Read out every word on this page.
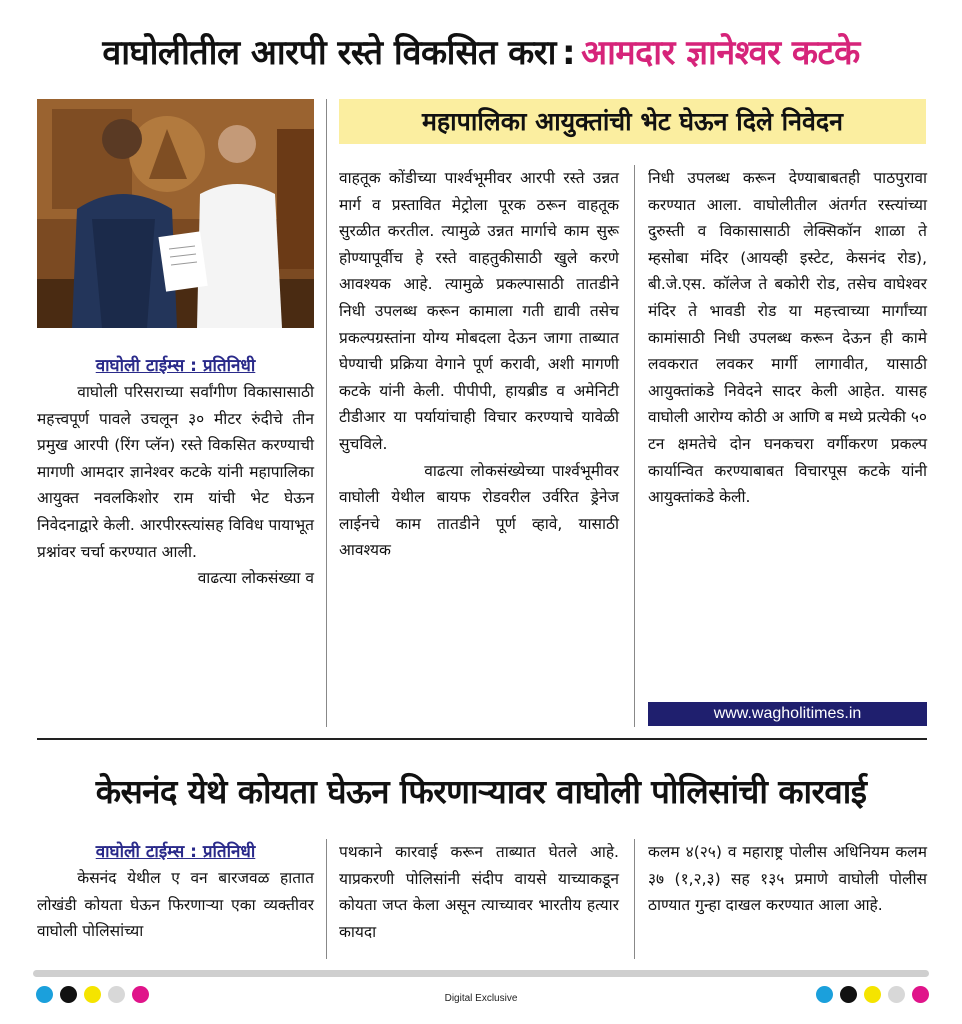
वाघोलीतील आरपी रस्ते विकसित करा : आमदार ज्ञानेश्वर कटके
महापालिका आयुक्तांची भेट घेऊन दिले निवेदन
वाघोली टाईम्स : प्रतिनिधी

वाघोली परिसराच्या सर्वांगीण विकासासाठी महत्त्वपूर्ण पावले उचलून ३० मीटर रुंदीचे तीन प्रमुख आरपी (रिंग प्लॅन) रस्ते विकसित करण्याची मागणी आमदार ज्ञानेश्वर कटके यांनी महापालिका आयुक्त नवलकिशोर राम यांची भेट घेऊन निवेदनाद्वारे केली. आरपीरस्त्यांसह विविध पायाभूत प्रश्नांवर चर्चा करण्यात आली.

वाढत्या लोकसंख्या व

वाहतूक कोंडीच्या पार्श्वभूमीवर आरपी रस्ते उन्नत मार्ग व प्रस्तावित मेट्रोला पूरक ठरून वाहतूक सुरळीत करतील. त्यामुळे उन्नत मार्गाचे काम सुरू होण्यापूर्वीच हे रस्ते वाहतुकीसाठी खुले करणे आवश्यक आहे. त्यामुळे प्रकल्पासाठी तातडीने निधी उपलब्ध करून कामाला गती द्यावी तसेच प्रकल्पग्रस्तांना योग्य मोबदला देऊन जागा ताब्यात घेण्याची प्रक्रिया वेगाने पूर्ण करावी, अशी मागणी कटके यांनी केली. पीपीपी, हायब्रीड व अमेनिटी टीडीआर या पर्यायांचाही विचार करण्याचे यावेळी सुचविले.

वाढत्या लोकसंख्येच्या पार्श्वभूमीवर वाघोली येथील बायफ रोडवरील उर्वरित ड्रेनेज लाईनचे काम तातडीने पूर्ण व्हावे, यासाठी आवश्यक

निधी उपलब्ध करून देण्याबाबतही पाठपुरावा करण्यात आला. वाघोलीतील अंतर्गत रस्त्यांच्या दुरुस्ती व विकासासाठी लेक्सिकॉन शाळा ते म्हसोबा मंदिर (आयव्ही इस्टेट, केसनंद रोड), बी.जे.एस. कॉलेज ते बकोरी रोड, तसेच वाघेश्वर मंदिर ते भावडी रोड या महत्त्वाच्या मार्गांच्या कामांसाठी निधी उपलब्ध करून देऊन ही कामे लवकरात लवकर मार्गी लागावीत, यासाठी आयुक्तांकडे निवेदने सादर केली आहेत. यासह वाघोली आरोग्य कोठी अ आणि ब मध्ये प्रत्येकी ५० टन क्षमतेचे दोन घनकचरा वर्गीकरण प्रकल्प कार्यान्वित करण्याबाबत विचारपूस कटके यांनी आयुक्तांकडे केली.

www.wagholitimes.in
केसनंद येथे कोयता घेऊन फिरणाऱ्यावर वाघोली पोलिसांची कारवाई
वाघोली टाईम्स : प्रतिनिधी

केसनंद येथील ए वन बारजवळ हातात लोखंडी कोयता घेऊन फिरणाऱ्या एका व्यक्तीवर वाघोली पोलिसांच्या

पथकाने कारवाई करून ताब्यात घेतले आहे. याप्रकरणी पोलिसांनी संदीप वायसे याच्याकडून कोयता जप्त केला असून त्याच्यावर भारतीय हत्यार कायदा

कलम ४(२५) व महाराष्ट्र पोलीस अधिनियम कलम ३७ (१,२,३) सह १३५ प्रमाणे वाघोली पोलीस ठाण्यात गुन्हा दाखल करण्यात आला आहे.

Digital Exclusive
